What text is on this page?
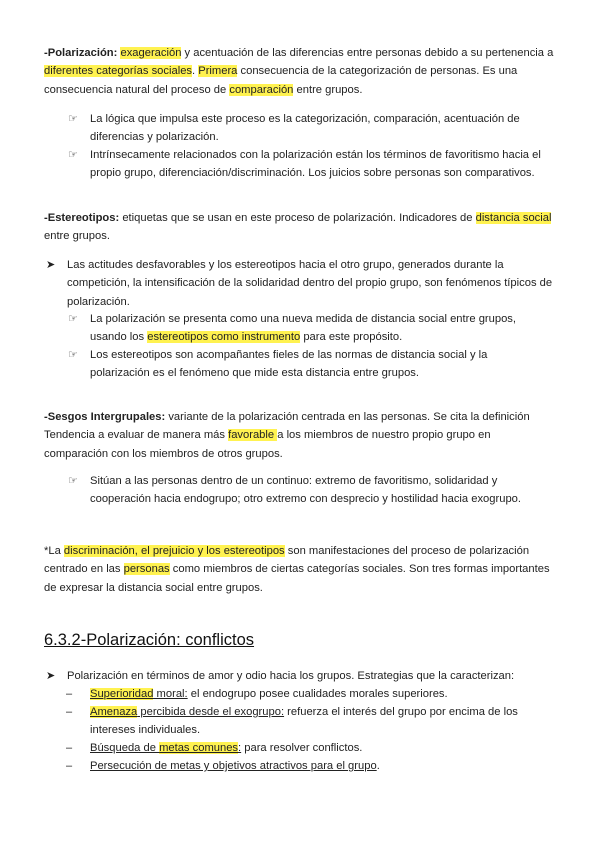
-Polarización: exageración y acentuación de las diferencias entre personas debido a su pertenencia a diferentes categorías sociales. Primera consecuencia de la categorización de personas. Es una consecuencia natural del proceso de comparación entre grupos.
☞ La lógica que impulsa este proceso es la categorización, comparación, acentuación de diferencias y polarización.
☞ Intrínsecamente relacionados con la polarización están los términos de favoritismo hacia el propio grupo, diferenciación/discriminación. Los juicios sobre personas son comparativos.
-Estereotipos: etiquetas que se usan en este proceso de polarización. Indicadores de distancia social entre grupos.
➤ Las actitudes desfavorables y los estereotipos hacia el otro grupo, generados durante la competición, la intensificación de la solidaridad dentro del propio grupo, son fenómenos típicos de polarización.
☞ La polarización se presenta como una nueva medida de distancia social entre grupos, usando los estereotipos como instrumento para este propósito.
☞ Los estereotipos son acompañantes fieles de las normas de distancia social y la polarización es el fenómeno que mide esta distancia entre grupos.
-Sesgos Intergrupales: variante de la polarización centrada en las personas. Se cita la definición Tendencia a evaluar de manera más favorable a los miembros de nuestro propio grupo en comparación con los miembros de otros grupos.
☞ Sitúan a las personas dentro de un continuo: extremo de favoritismo, solidaridad y cooperación hacia endogrupo; otro extremo con desprecio y hostilidad hacia exogrupo.
*La discriminación, el prejuicio y los estereotipos son manifestaciones del proceso de polarización centrado en las personas como miembros de ciertas categorías sociales. Son tres formas importantes de expresar la distancia social entre grupos.
6.3.2-Polarización: conflictos
➤ Polarización en términos de amor y odio hacia los grupos. Estrategias que la caracterizan:
– Superioridad moral: el endogrupo posee cualidades morales superiores.
– Amenaza percibida desde el exogrupo: refuerza el interés del grupo por encima de los intereses individuales.
– Búsqueda de metas comunes: para resolver conflictos.
– Persecución de metas y objetivos atractivos para el grupo.
